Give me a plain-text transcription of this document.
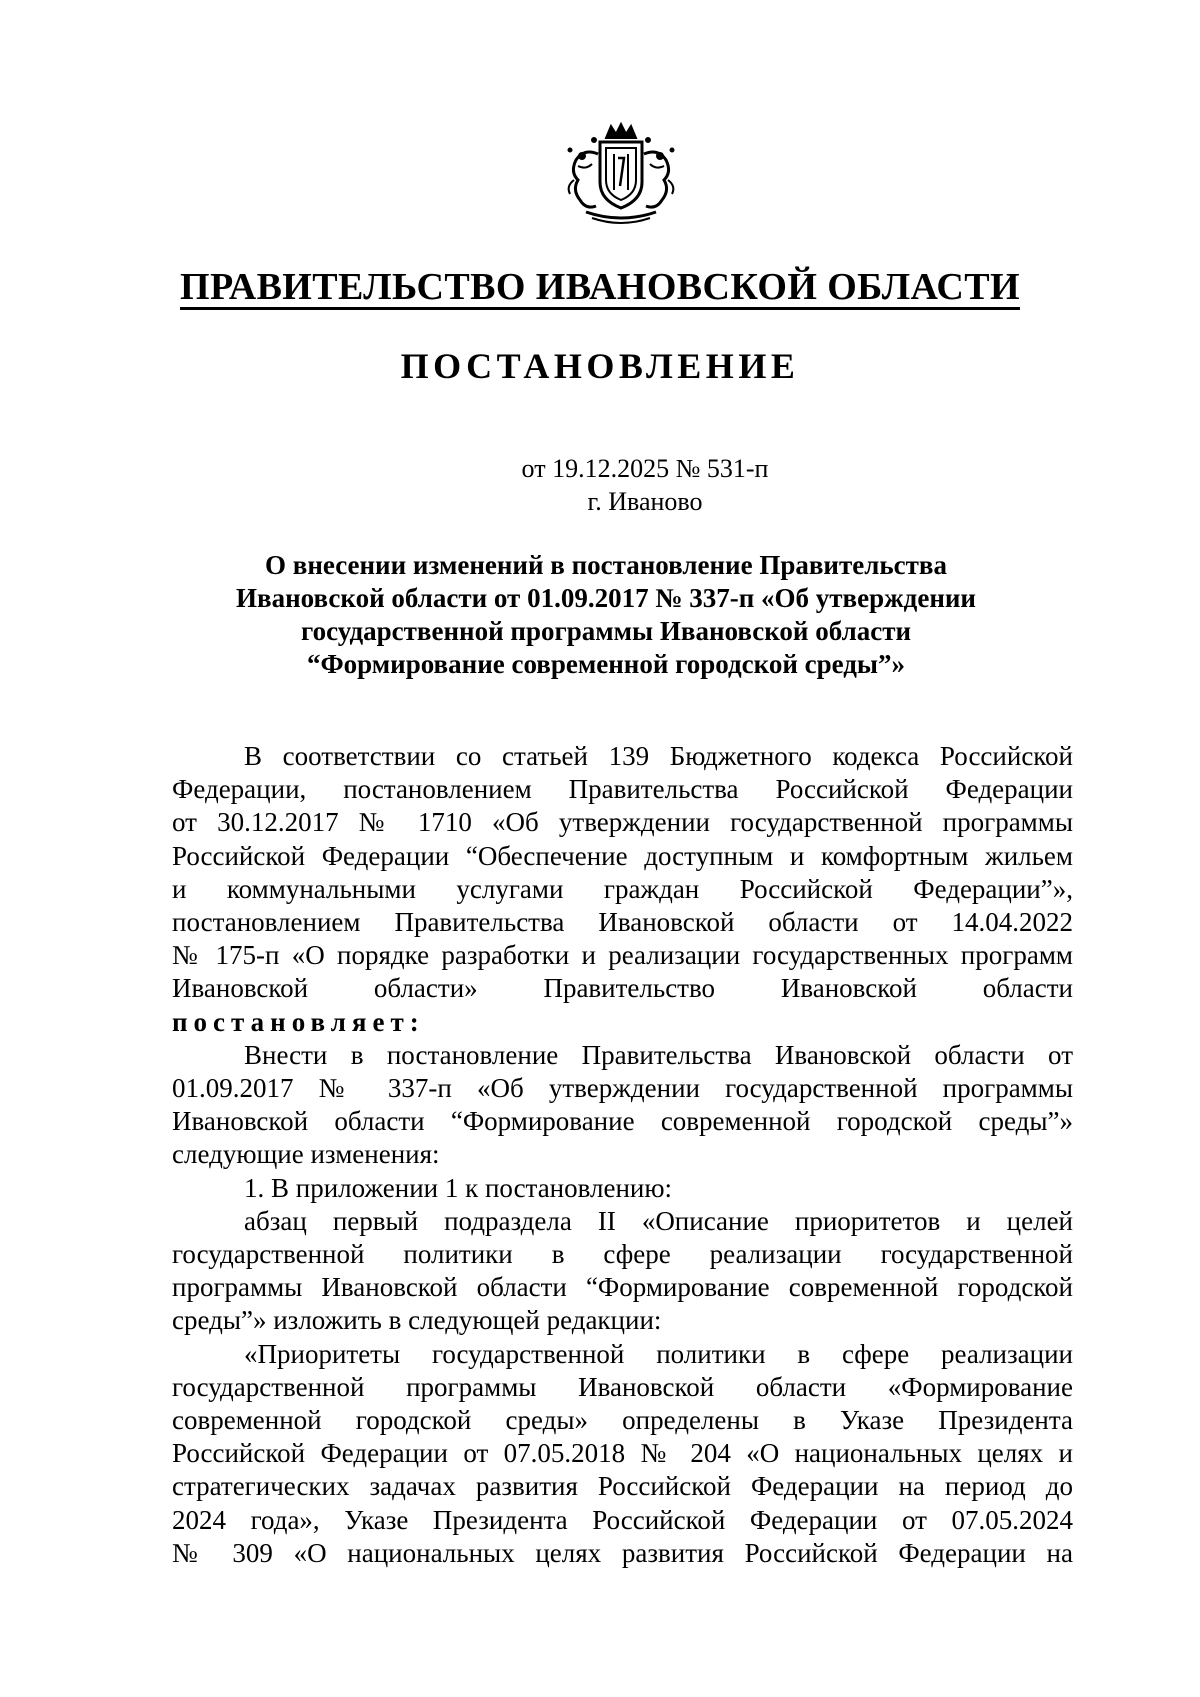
ПРАВИТЕЛЬСТВО ИВАНОВСКОЙ ОБЛАСТИ
ПОСТАНОВЛЕНИЕ
от 19.12.2025 № 531-п
г. Иваново
О внесении изменений в постановление Правительства
Ивановской области от 01.09.2017 № 337-п «Об утверждении
государственной программы Ивановской области
“Формирование современной городской среды”»
В соответствии со статьей 139 Бюджетного кодекса Российской
Федерации, постановлением Правительства Российской Федерации
от 30.12.2017 № 1710 «Об утверждении государственной программы
Российской Федерации “Обеспечение доступным и комфортным жильем
и коммунальными услугами граждан Российской Федерации”»,
постановлением Правительства Ивановской области от 14.04.2022
№ 175-п «О порядке разработки и реализации государственных программ
Ивановской области» Правительство Ивановской области
постановляет:
Внести в постановление Правительства Ивановской области от
01.09.2017 № 337-п «Об утверждении государственной программы
Ивановской области “Формирование современной городской среды”»
следующие изменения:
1. В приложении 1 к постановлению:
абзац первый подраздела II «Описание приоритетов и целей
государственной политики в сфере реализации государственной
программы Ивановской области “Формирование современной городской
среды”» изложить в следующей редакции:
«Приоритеты государственной политики в сфере реализации
государственной программы Ивановской области «Формирование
современной городской среды» определены в Указе Президента
Российской Федерации от 07.05.2018 № 204 «О национальных целях и
стратегических задачах развития Российской Федерации на период до
2024 года», Указе Президента Российской Федерации от 07.05.2024
№ 309 «О национальных целях развития Российской Федерации на
